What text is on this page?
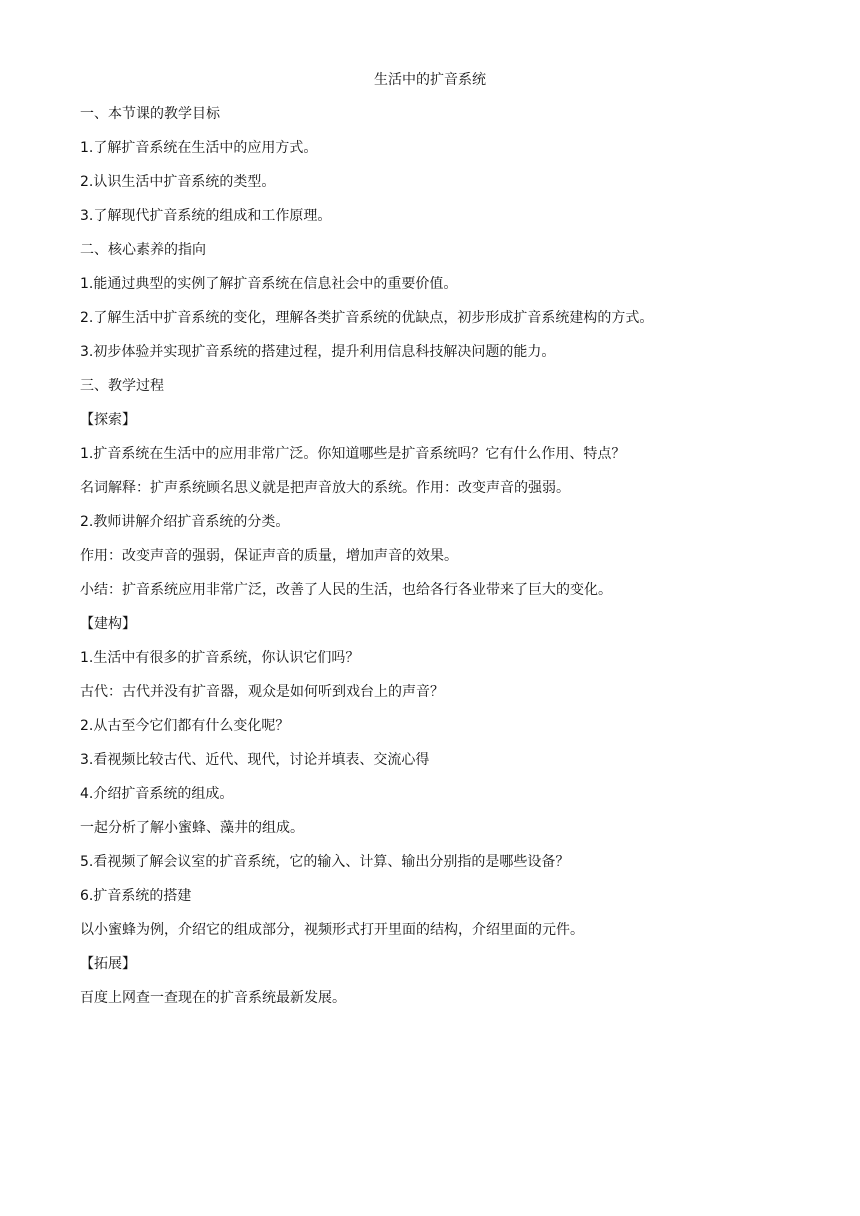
生活中的扩音系统
一、本节课的教学目标
1.了解扩音系统在生活中的应用方式。
2.认识生活中扩音系统的类型。
3.了解现代扩音系统的组成和工作原理。
二、核心素养的指向
1.能通过典型的实例了解扩音系统在信息社会中的重要价值。
2.了解生活中扩音系统的变化，理解各类扩音系统的优缺点，初步形成扩音系统建构的方式。
3.初步体验并实现扩音系统的搭建过程，提升利用信息科技解决问题的能力。
三、教学过程
【探索】
1.扩音系统在生活中的应用非常广泛。你知道哪些是扩音系统吗？它有什么作用、特点？
名词解释：扩声系统顾名思义就是把声音放大的系统。作用：改变声音的强弱。
2.教师讲解介绍扩音系统的分类。
作用：改变声音的强弱，保证声音的质量，增加声音的效果。
小结：扩音系统应用非常广泛，改善了人民的生活，也给各行各业带来了巨大的变化。
【建构】
1.生活中有很多的扩音系统，你认识它们吗？
古代：古代并没有扩音器，观众是如何听到戏台上的声音？
2.从古至今它们都有什么变化呢？
3.看视频比较古代、近代、现代，讨论并填表、交流心得
4.介绍扩音系统的组成。
一起分析了解小蜜蜂、藻井的组成。
5.看视频了解会议室的扩音系统，它的输入、计算、输出分别指的是哪些设备？
6.扩音系统的搭建
以小蜜蜂为例，介绍它的组成部分，视频形式打开里面的结构，介绍里面的元件。
【拓展】
百度上网查一查现在的扩音系统最新发展。
